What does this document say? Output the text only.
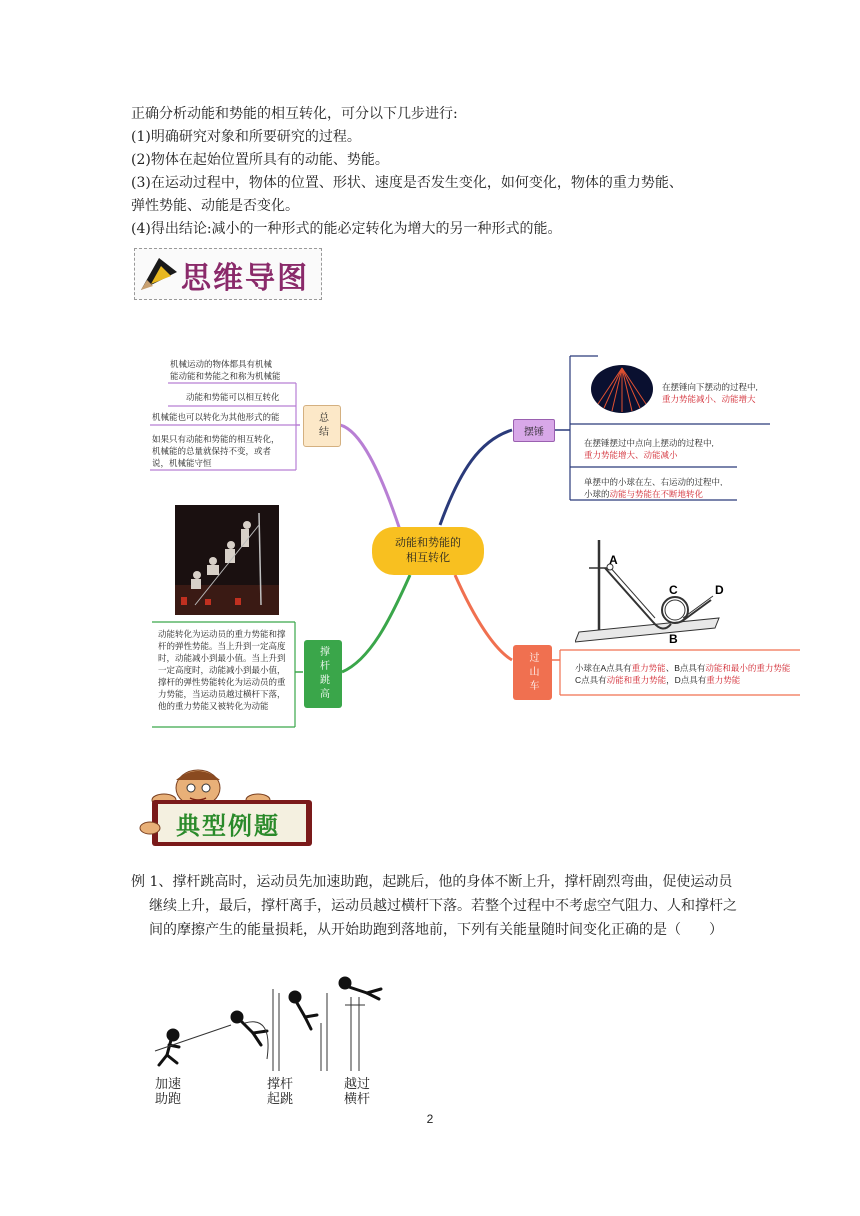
正确分析动能和势能的相互转化，可分以下几步进行:
(1)明确研究对象和所要研究的过程。
(2)物体在起始位置所具有的动能、势能。
(3)在运动过程中，物体的位置、形状、速度是否发生变化，如何变化，物体的重力势能、
弹性势能、动能是否变化。
(4)得出结论:减小的一种形式的能必定转化为增大的另一种形式的能。
思维导图
动能和势能的
相互转化
总结
机械运动的物体都具有机械
能动能和势能之和称为机械能
动能和势能可以相互转化
机械能也可以转化为其他形式的能
如果只有动能和势能的相互转化，
机械能的总量就保持不变，或者
说，机械能守恒
摆锤
在摆锤向下摆动的过程中,
重力势能减小、动能增大
在摆锤摆过中点向上摆动的过程中,
重力势能增大、动能减小
单摆中的小球在左、右运动的过程中,
小球的动能与势能在不断地转化
撑杆跳高
动能转化为运动员的重力势能和撑杆的弹性势能。当上升到一定高度时，动能减小到最小值。当上升到一定高度时，动能减小到最小值，撑杆的弹性势能转化为运动员的重力势能，当运动员越过横杆下落，他的重力势能又被转化为动能
A
B
C	D
过山车	小球在A点具有重力势能、B点具有动能和最小的重力势能
C点具有动能和重力势能，D点具有重力势能
典型例题

例 1、撑杆跳高时，运动员先加速助跑，起跳后，他的身体不断上升，撑杆剧烈弯曲，促使运动员继续上升，最后，撑杆离手，运动员越过横杆下落。若整个过程中不考虑空气阻力、人和撑杆之间的摩擦产生的能量损耗，从开始助跑到落地前，下列有关能量随时间变化正确的是（　　）

加速
助跑
撑杆
起跳
越过
横杆
2
